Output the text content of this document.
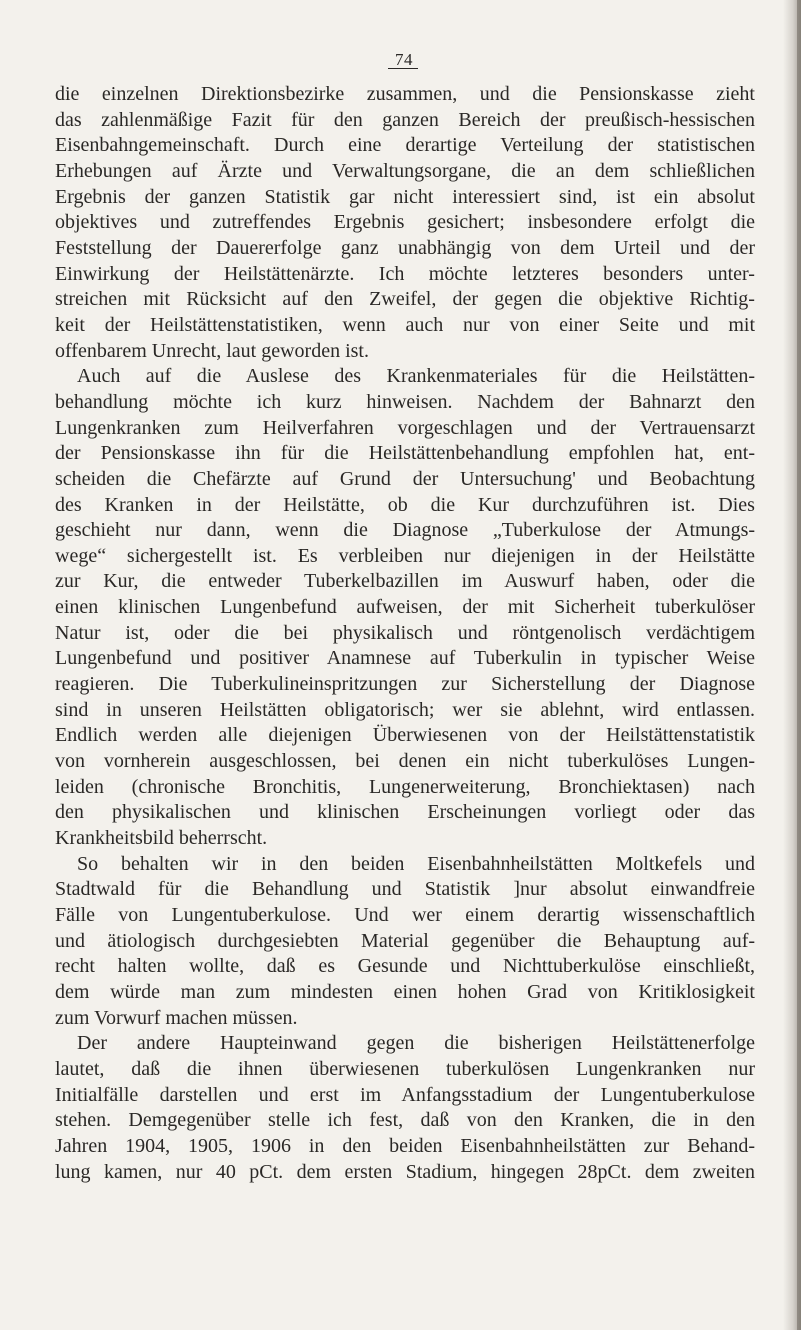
74
die einzelnen Direktionsbezirke zusammen, und die Pensionskasse zieht
das zahlenmäßige Fazit für den ganzen Bereich der preußisch-hessischen
Eisenbahngemeinschaft. Durch eine derartige Verteilung der statistischen
Erhebungen auf Ärzte und Verwaltungsorgane, die an dem schließlichen
Ergebnis der ganzen Statistik gar nicht interessiert sind, ist ein absolut
objektives und zutreffendes Ergebnis gesichert; insbesondere erfolgt die
Feststellung der Dauererfolge ganz unabhängig von dem Urteil und der
Einwirkung der Heilstättenärzte. Ich möchte letzteres besonders unter-
streichen mit Rücksicht auf den Zweifel, der gegen die objektive Richtig-
keit der Heilstättenstatistiken, wenn auch nur von einer Seite und mit
offenbarem Unrecht, laut geworden ist.
Auch auf die Auslese des Krankenmateriales für die Heilstätten-
behandlung möchte ich kurz hinweisen. Nachdem der Bahnarzt den
Lungenkranken zum Heilverfahren vorgeschlagen und der Vertrauensarzt
der Pensionskasse ihn für die Heilstättenbehandlung empfohlen hat, ent-
scheiden die Chefärzte auf Grund der Untersuchung' und Beobachtung
des Kranken in der Heilstätte, ob die Kur durchzuführen ist. Dies
geschieht nur dann, wenn die Diagnose „Tuberkulose der Atmungs-
wege“ sichergestellt ist. Es verbleiben nur diejenigen in der Heilstätte
zur Kur, die entweder Tuberkelbazillen im Auswurf haben, oder die
einen klinischen Lungenbefund aufweisen, der mit Sicherheit tuberkulöser
Natur ist, oder die bei physikalisch und röntgenolisch verdächtigem
Lungenbefund und positiver Anamnese auf Tuberkulin in typischer Weise
reagieren. Die Tuberkulineinspritzungen zur Sicherstellung der Diagnose
sind in unseren Heilstätten obligatorisch; wer sie ablehnt, wird entlassen.
Endlich werden alle diejenigen Überwiesenen von der Heilstättenstatistik
von vornherein ausgeschlossen, bei denen ein nicht tuberkulöses Lungen-
leiden (chronische Bronchitis, Lungenerweiterung, Bronchiektasen) nach
den physikalischen und klinischen Erscheinungen vorliegt oder das
Krankheitsbild beherrscht.
So behalten wir in den beiden Eisenbahnheilstätten Moltkefels und
Stadtwald für die Behandlung und Statistik ]nur absolut einwandfreie
Fälle von Lungentuberkulose. Und wer einem derartig wissenschaftlich
und ätiologisch durchgesiebten Material gegenüber die Behauptung auf-
recht halten wollte, daß es Gesunde und Nichttuberkulöse einschließt,
dem würde man zum mindesten einen hohen Grad von Kritiklosigkeit
zum Vorwurf machen müssen.
Der andere Haupteinwand gegen die bisherigen Heilstättenerfolge
lautet, daß die ihnen überwiesenen tuberkulösen Lungenkranken nur
Initialfälle darstellen und erst im Anfangsstadium der Lungentuberkulose
stehen. Demgegenüber stelle ich fest, daß von den Kranken, die in den
Jahren 1904, 1905, 1906 in den beiden Eisenbahnheilstätten zur Behand-
lung kamen, nur 40 pCt. dem ersten Stadium, hingegen 28pCt. dem zweiten
